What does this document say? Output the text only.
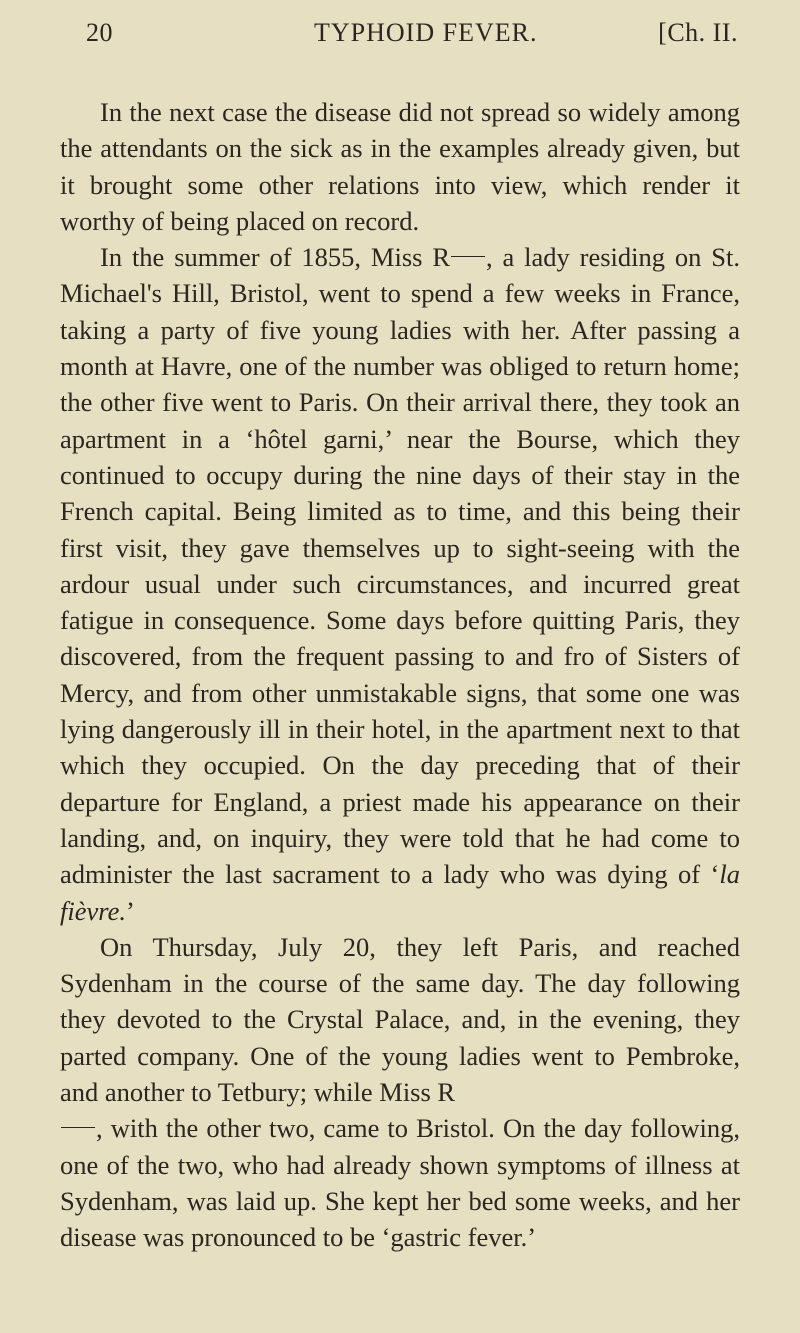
20	TYPHOID FEVER.	[Ch. II.

In the next case the disease did not spread so widely among the attendants on the sick as in the examples already given, but it brought some other relations into view, which render it worthy of being placed on record.

In the summer of 1855, Miss R , a lady residing on St. Michael's Hill, Bristol, went to spend a few weeks in France, taking a party of five young ladies with her. After passing a month at Havre, one of the number was obliged to return home; the other five went to Paris. On their arrival there, they took an apartment in a ‘hôtel garni,’ near the Bourse, which they continued to occupy during the nine days of their stay in the French capital. Being limited as to time, and this being their first visit, they gave themselves up to sight-seeing with the ardour usual under such circumstances, and incurred great fatigue in consequence. Some days before quitting Paris, they discovered, from the frequent passing to and fro of Sisters of Mercy, and from other unmistakable signs, that some one was lying dangerously ill in their hotel, in the apartment next to that which they occupied. On the day preceding that of their departure for England, a priest made his appearance on their landing, and, on inquiry, they were told that he had come to administer the last sacrament to a lady who was dying of ‘la fièvre.’

On Thursday, July 20, they left Paris, and reached Sydenham in the course of the same day. The day following they devoted to the Crystal Palace, and, in the evening, they parted company. One of the young ladies went to Pembroke, and another to Tetbury; while Miss R
, with the other two, came to Bristol. On the day following, one of the two, who had already shown symptoms of illness at Sydenham, was laid up. She kept her bed some weeks, and her disease was pronounced to be ‘gastric fever.’
